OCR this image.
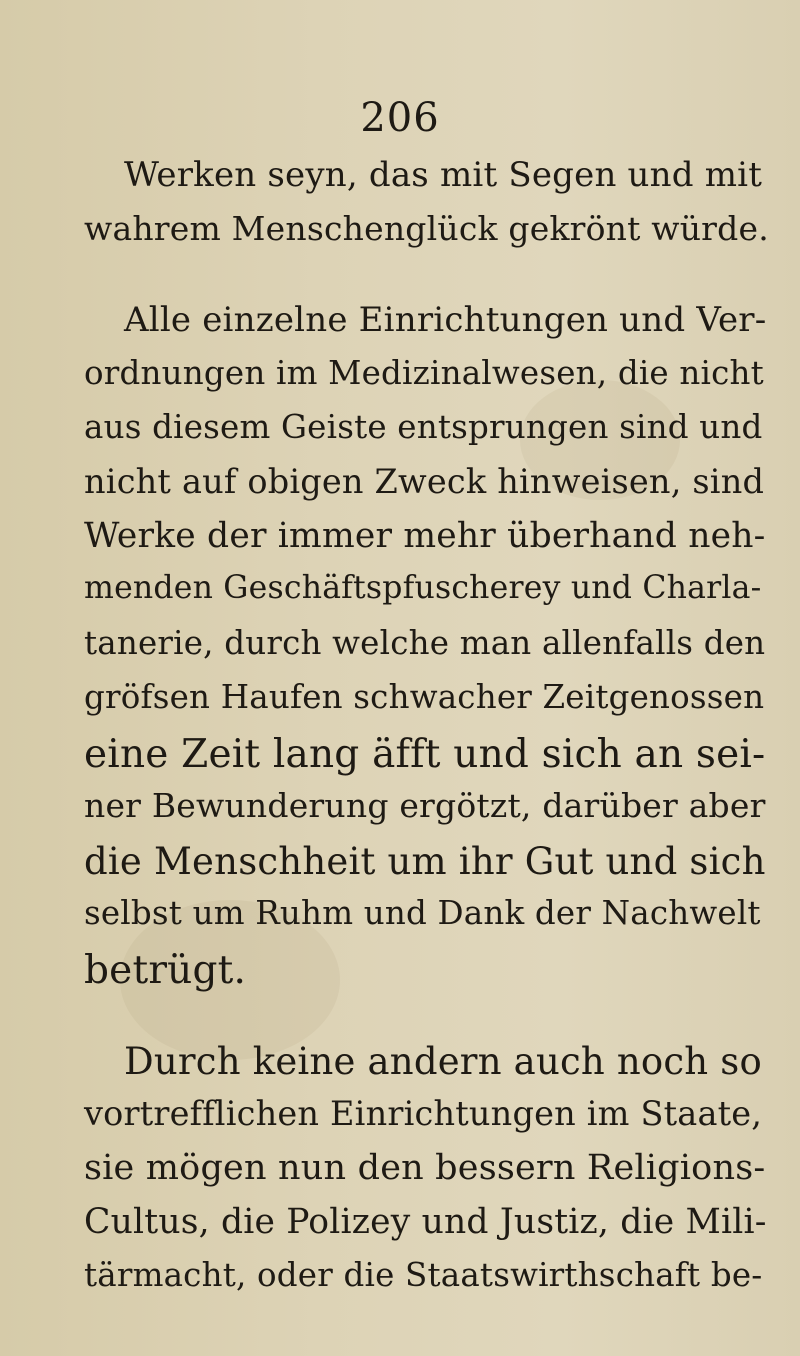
206
Werken seyn, das mit Segen und mit
wahrem Menschenglück gekrönt würde.
Alle einzelne Einrichtungen und Ver-
ordnungen im Medizinalwesen, die nicht
aus diesem Geiste entsprungen sind und
nicht auf obigen Zweck hinweisen, sind
Werke der immer mehr überhand neh-
menden Geschäftspfuscherey und Charla-
tanerie, durch welche man allenfalls den
gröfsen Haufen schwacher Zeitgenossen
eine Zeit lang äfft und sich an sei-
ner Bewunderung ergötzt, darüber aber
die Menschheit um ihr Gut und sich
selbst um Ruhm und Dank der Nachwelt
betrügt.
Durch keine andern auch noch so
vortrefflichen Einrichtungen im Staate,
sie mögen nun den bessern Religions-
Cultus, die Polizey und Justiz, die Mili-
tärmacht, oder die Staatswirthschaft be-
